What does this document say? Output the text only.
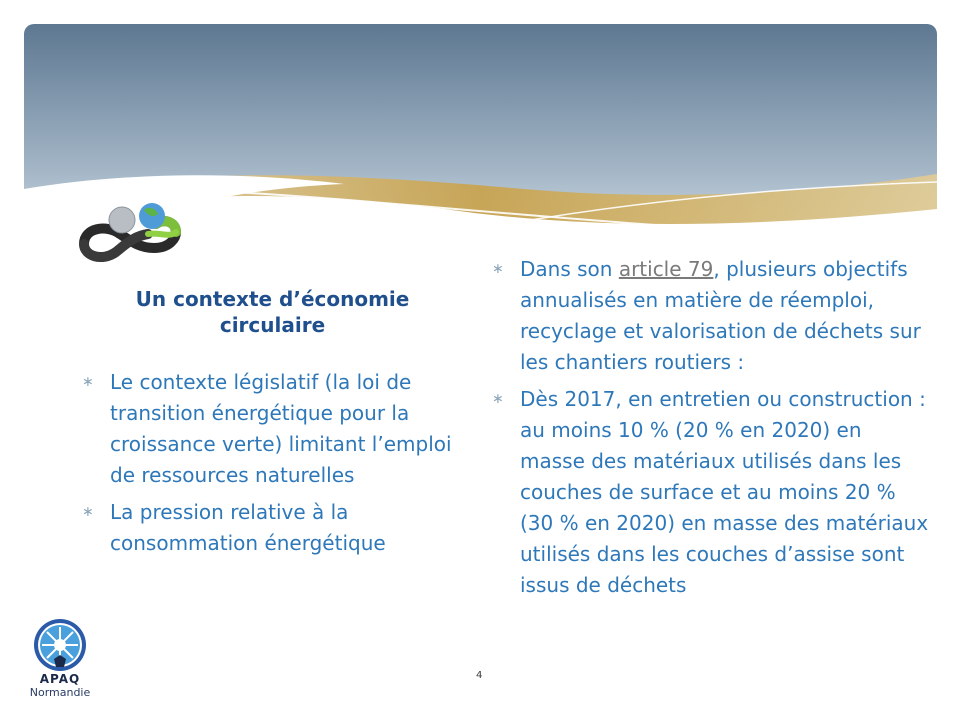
Un contexte d’économie
circulaire
∗ Le contexte législatif (la loi de transition énergétique pour la croissance verte) limitant l’emploi de ressources naturelles
∗ La pression relative à la consommation énergétique
∗ Dans son article 79, plusieurs objectifs annualisés en matière de réemploi, recyclage et valorisation de déchets sur les chantiers routiers :
∗ Dès 2017, en entretien ou construction : au moins 10 % (20 % en 2020) en masse des matériaux utilisés dans les couches de surface et au moins 20 % (30 % en 2020) en masse des matériaux utilisés dans les couches d’assise sont issus de déchets
4
APAQ
Normandie
